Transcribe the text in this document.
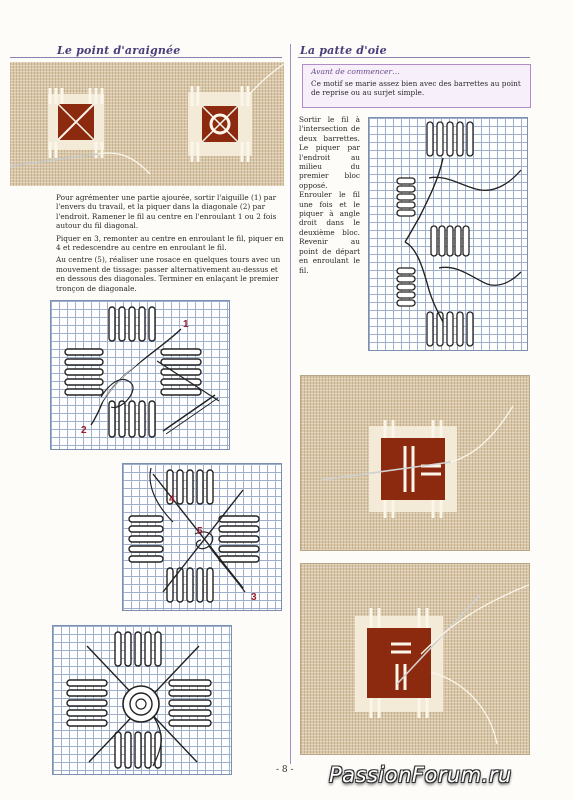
Le point d'araignée

Pour agrémenter une partie ajourée, sortir l'aiguille (1) par l'envers du travail, et la piquer dans la diagonale (2) par l'endroit. Ramener le fil au centre en l'enroulant 1 ou 2 fois autour du fil diagonal.

Piquer en 3, remonter au centre en enroulant le fil, piquer en 4 et redescendre au centre en enroulant le fil.

Au centre (5), réaliser une rosace en quelques tours avec un mouvement de tissage: passer alternativement au-dessus et en dessous des diagonales. Terminer en enlaçant le premier tronçon de diagonale.

1
2
4
5
3
La patte d'oie
Avant de commencer…

Ce motif se marie assez bien avec des barrettes au point de reprise ou au surjet simple.

Sortir le fil à l'intersection de deux barrettes. Le piquer par l'endroit au milieu du premier bloc opposé. Enrouler le fil une fois et le piquer à angle droit dans le deuxième bloc. Revenir au point de départ en enroulant le fil.

- 8 - PassionForum.ru
